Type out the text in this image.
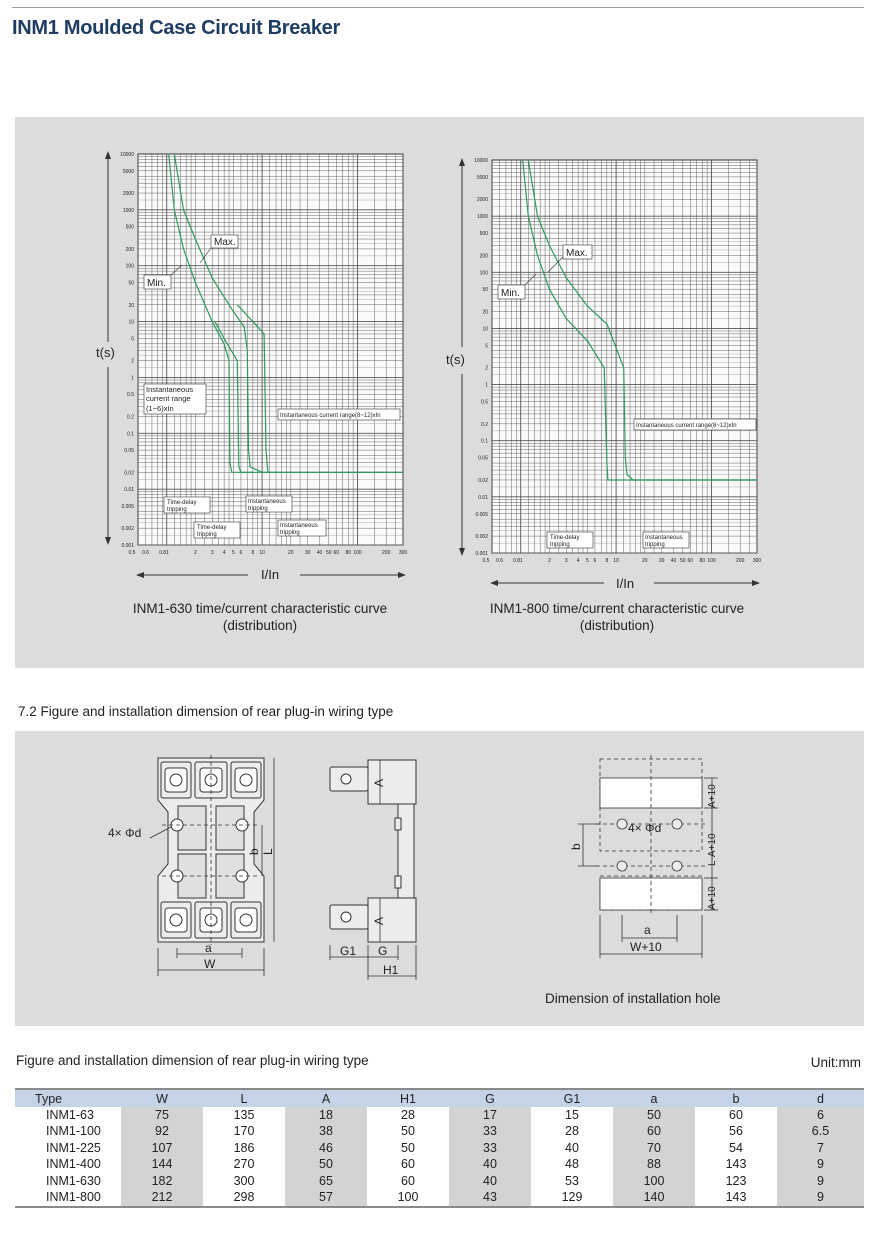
INM1 Moulded Case Circuit Breaker
10000
5000
2000
1000
500
200
100
50
20
10
5
2
1
0.5
0.2
0.1
0.05
0.02
0.01
0.005
0.002
0.001
0.5 0.6 0.81	2	3 4 5 6 8 10	20 30 40 50 60 80 100	200 300
Max.
Min.
Instantaneous
current range
(1~6)xIn
Instantaneous current range(8~12)xIn
Time-delay
tripping
Time-delay
tripping
Instantaneous
tripping
Instantaneous
tripping
t(s)
I/In
10000
5000
2000
1000
500
200
100
50
20
10
5
2
1
0.5
0.2
0.1
0.05
0.02
0.01
0.005
0.002
0.001
0.5 0.6 0.81	2	3 4 5 6 8 10	20 30 40 50 60 80 100	200 300
Max.
Min.
Instantaneous current range(8~12)xIn
Time-delay
tripping
Instantaneous
tripping
t(s)
I/In
INM1-630 time/current characteristic curve
(distribution)
INM1-800 time/current characteristic curve
(distribution)
7.2 Figure and installation dimension of rear plug-in wiring type
4× Φd
a
W
b L
A
A
G1 G
H1
4× Φd
b
a
W+10
A+10
L-A+10
A+10
Dimension of installation hole
Figure and installation dimension of rear plug-in wiring type	Unit:mm
Type	W	L	A	H1	G	G1	a	b	d
INM1-63	75	135	18	28	17	15	50	60	6
INM1-100	92	170	38	50	33	28	60	56	6.5
INM1-225	107	186	46	50	33	40	70	54	7
INM1-400	144	270	50	60	40	48	88	143	9
INM1-630	182	300	65	60	40	53	100	123	9
INM1-800	212	298	57	100	43	129	140	143	9
